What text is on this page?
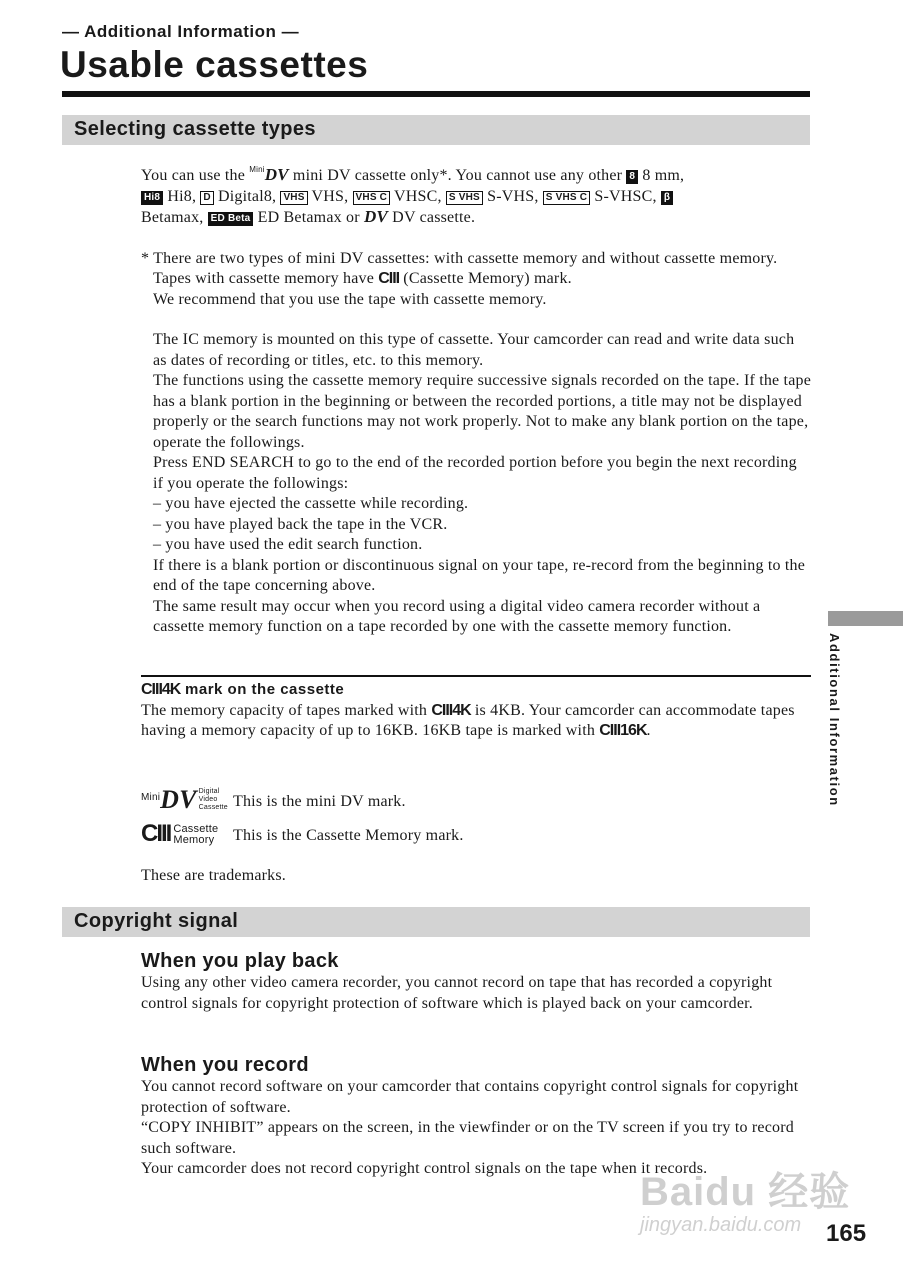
— Additional Information —
Usable cassettes
Selecting cassette types

You can use the $^{Mini}$DV mini DV cassette only*. You cannot use any other 8 8 mm,
Hi8 Hi8, D Digital8, VHS VHS, VHS C VHSC, S VHS S-VHS, S VHS C S-VHSC, β
Betamax, ED Beta ED Betamax or DV DV cassette.

* There are two types of mini DV cassettes: with cassette memory and without cassette memory. Tapes with cassette memory have CIII (Cassette Memory) mark.

We recommend that you use the tape with cassette memory.

The IC memory is mounted on this type of cassette. Your camcorder can read and write data such as dates of recording or titles, etc. to this memory.

The functions using the cassette memory require successive signals recorded on the tape. If the tape has a blank portion in the beginning or between the recorded portions, a title may not be displayed properly or the search functions may not work properly. Not to make any blank portion on the tape, operate the followings.

Press END SEARCH to go to the end of the recorded portion before you begin the next recording if you operate the followings:

– you have ejected the cassette while recording.

– you have played back the tape in the VCR.

– you have used the edit search function.

If there is a blank portion or discontinuous signal on your tape, re-record from the beginning to the end of the tape concerning above.

The same result may occur when you record using a digital video camera recorder without a cassette memory function on a tape recorded by one with the cassette memory function.

CIII4K mark on the cassette

The memory capacity of tapes marked with CIII4K is 4KB. Your camcorder can accommodate tapes having a memory capacity of up to 16KB. 16KB tape is marked with CIII16K.

Mini DV Digital
Video
Cassette This is the mini DV mark.
CIII Cassette
Memory This is the Cassette Memory mark.

These are trademarks.

Copyright signal
When you play back

Using any other video camera recorder, you cannot record on tape that has recorded a copyright control signals for copyright protection of software which is played back on your camcorder.

When you record

You cannot record software on your camcorder that contains copyright control signals for copyright protection of software.

“COPY INHIBIT” appears on the screen, in the viewfinder or on the TV screen if you try to record such software.

Your camcorder does not record copyright control signals on the tape when it records.

Additional Information
Baidu 经验
jingyan.baidu.com 165
